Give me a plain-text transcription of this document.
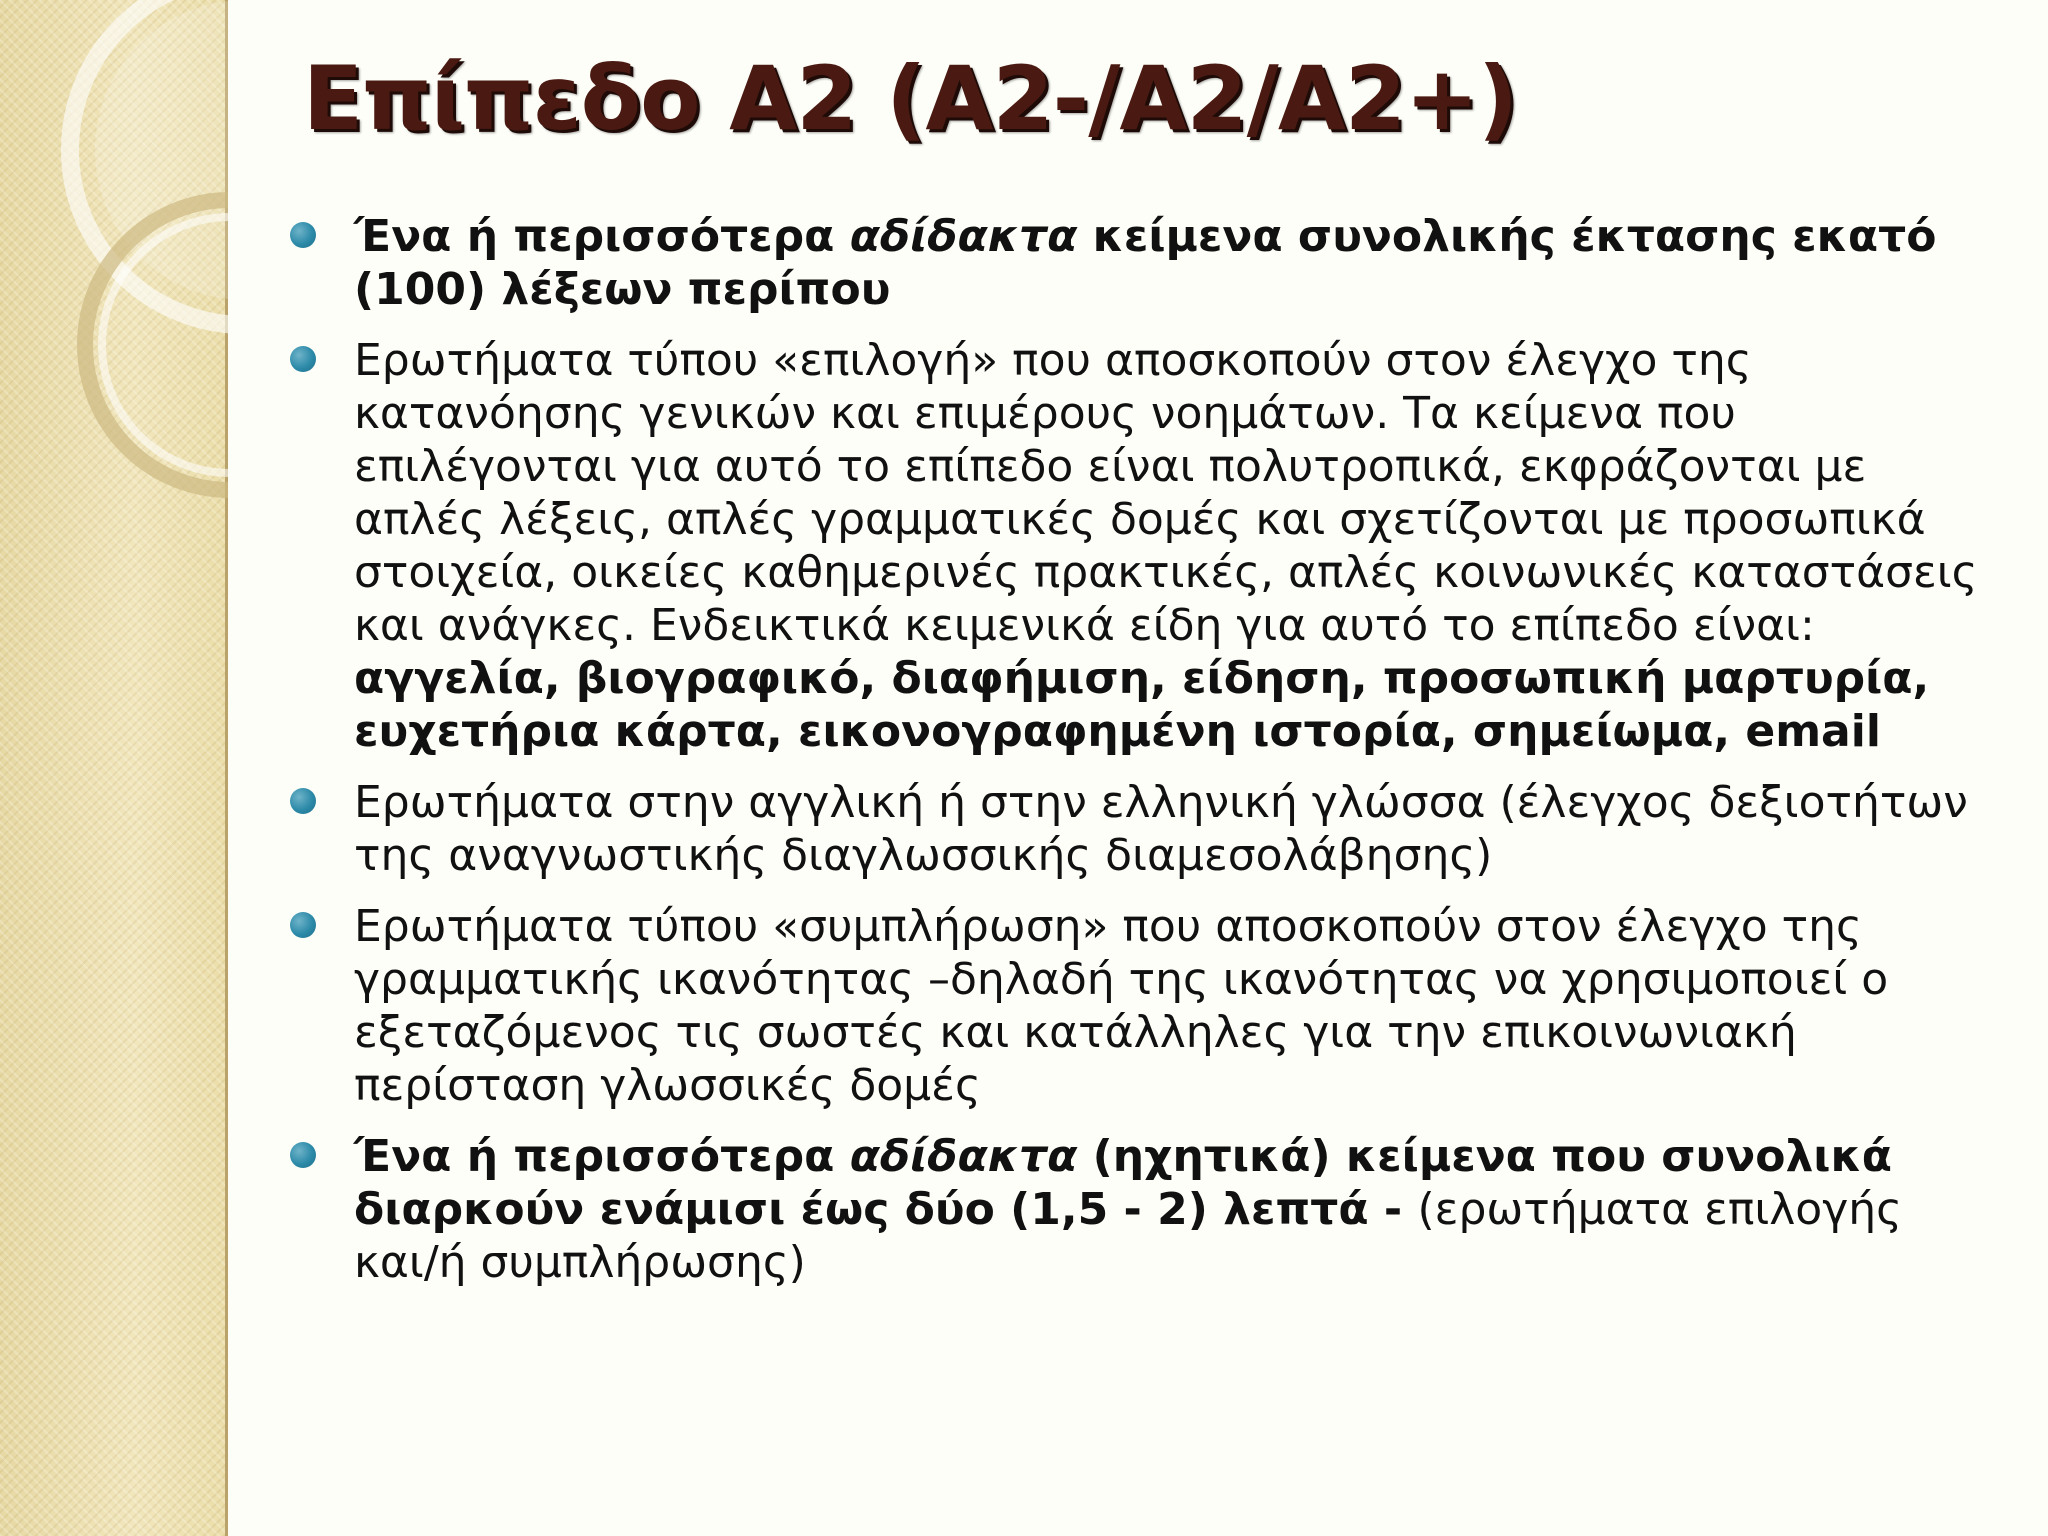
Επίπεδο Α2 (Α2-/Α2/Α2+)
Ένα ή περισσότερα αδίδακτα κείμενα συνολικής έκτασης εκατό (100) λέξεων περίπου
Ερωτήματα τύπου «επιλογή» που αποσκοπούν στον έλεγχο της κατανόησης γενικών και επιμέρους νοημάτων. Τα κείμενα που επιλέγονται για αυτό το επίπεδο είναι πολυτροπικά, εκφράζονται με απλές λέξεις, απλές γραμματικές δομές και σχετίζονται με προσωπικά στοιχεία, οικείες καθημερινές πρακτικές, απλές κοινωνικές καταστάσεις και ανάγκες. Ενδεικτικά κειμενικά είδη για αυτό το επίπεδο είναι: αγγελία, βιογραφικό, διαφήμιση, είδηση, προσωπική μαρτυρία, ευχετήρια κάρτα, εικονογραφημένη ιστορία, σημείωμα, email
Ερωτήματα στην αγγλική ή στην ελληνική γλώσσα (έλεγχος δεξιοτήτων της αναγνωστικής διαγλωσσικής διαμεσολάβησης)
Ερωτήματα τύπου «συμπλήρωση» που αποσκοπούν στον έλεγχο της γραμματικής ικανότητας –δηλαδή της ικανότητας να χρησιμοποιεί ο εξεταζόμενος τις σωστές και κατάλληλες για την επικοινωνιακή περίσταση γλωσσικές δομές
Ένα ή περισσότερα αδίδακτα (ηχητικά) κείμενα που συνολικά διαρκούν ενάμισι έως δύο (1,5 - 2) λεπτά - (ερωτήματα επιλογής και/ή συμπλήρωσης)
